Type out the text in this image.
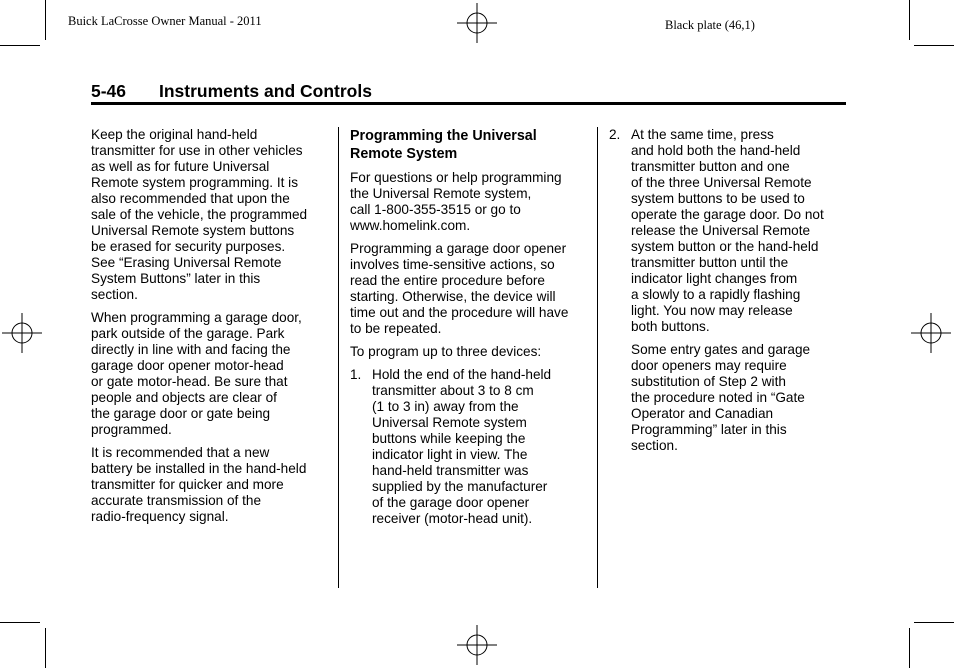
Buick LaCrosse Owner Manual - 2011	Black plate (46,1)
5-46 Instruments and Controls

Keep the original hand-held
transmitter for use in other vehicles
as well as for future Universal
Remote system programming. It is
also recommended that upon the
sale of the vehicle, the programmed
Universal Remote system buttons
be erased for security purposes.
See “Erasing Universal Remote
System Buttons” later in this
section.

When programming a garage door,
park outside of the garage. Park
directly in line with and facing the
garage door opener motor-head
or gate motor-head. Be sure that
people and objects are clear of
the garage door or gate being
programmed.

It is recommended that a new
battery be installed in the hand-held
transmitter for quicker and more
accurate transmission of the
radio-frequency signal.

Programming the Universal
Remote System

For questions or help programming
the Universal Remote system,
call 1-800-355-3515 or go to
www.homelink.com.

Programming a garage door opener
involves time-sensitive actions, so
read the entire procedure before
starting. Otherwise, the device will
time out and the procedure will have
to be repeated.

To program up to three devices:

1. Hold the end of the hand-held
transmitter about 3 to 8 cm
(1 to 3 in) away from the
Universal Remote system
buttons while keeping the
indicator light in view. The
hand-held transmitter was
supplied by the manufacturer
of the garage door opener
receiver (motor-head unit).
2. At the same time, press
and hold both the hand-held
transmitter button and one
of the three Universal Remote
system buttons to be used to
operate the garage door. Do not
release the Universal Remote
system button or the hand-held
transmitter button until the
indicator light changes from
a slowly to a rapidly flashing
light. You now may release
both buttons.

Some entry gates and garage
door openers may require
substitution of Step 2 with
the procedure noted in “Gate
Operator and Canadian
Programming” later in this
section.
